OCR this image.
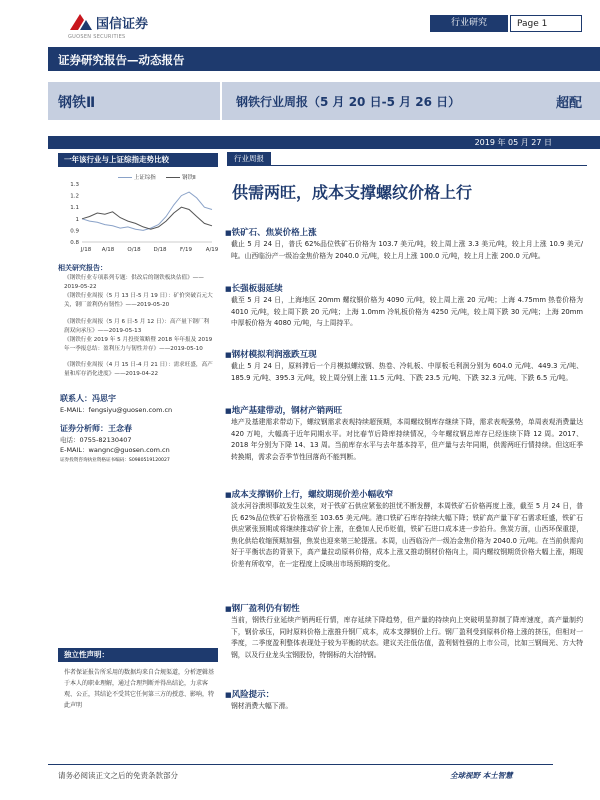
国信证券
GUOSEN SECURITIES
行业研究	Page 1
证券研究报告—动态报告
钢铁Ⅱ	钢铁行业周报（5 月 20 日-5 月 26 日）	超配
2019 年 05 月 27 日
一年该行业与上证综指走势比较
上证综指	钢铁Ⅱ
1.3
1.2
1.1
1
0.9
0.8
J/18 A/18 O/18 D/18 F/19 A/19
相关研究报告：
《钢铁行业专项系列专题：供改后的钢铁板块估值》——2019-05-22
《钢铁行业周报（5 月 13 日-5 月 19 日）：矿价突破百元大关，钢厂盈利仍有韧性》——2019-05-20
《钢铁行业周报（5 月 6 日-5 月 12 日）：高产量下钢厂利润双向承压》——2019-05-13
《钢铁行业 2019 年 5 月投资策略暨 2018 年年报及 2019 年一季报总结：盈利压力与韧性并存》——2019-05-10
《钢铁行业周报（4 月 15 日-4 月 21 日）：需求旺盛，高产量和库存消化进度》——2019-04-22
联系人：冯思宇
E-MAIL：fengsiyu@guosen.com.cn
证券分析师：王念春
电话：0755-82130407
E-MAIL：wangnc@guosen.com.cn
证券投资咨询执业资格证书编码：S0980519120027
独立性声明：
作者保证报告所采用的数据均来自合规渠道，分析逻辑基于本人的职业理解，通过合理判断并得出结论，力求客观、公正，其结论不受其它任何第三方的授意、影响，特此声明
行业周报
供需两旺，成本支撑螺纹价格上行
■ 铁矿石、焦炭价格上涨
截止 5 月 24 日，普氏 62%品位铁矿石价格为 103.7 美元/吨，较上周上涨 3.3 美元/吨，较上月上涨 10.9 美元/吨。山西临汾产一级冶金焦价格为 2040.0 元/吨，较上月上涨 100.0 元/吨，较上月上涨 200.0 元/吨。
■ 长强板弱延续
截至 5 月 24 日，上海地区 20mm 螺纹钢价格为 4090 元/吨，较上周上涨 20 元/吨；上海 4.75mm 热卷价格为 4010 元/吨，较上周下跌 20 元/吨；上海 1.0mm 冷轧板价格为 4250 元/吨，较上周下跌 30 元/吨；上海 20mm 中厚板价格为 4080 元/吨，与上周持平。
■ 钢材模拟利润涨跌互现
截止 5 月 24 日，原料滞后一个月模拟螺纹钢、热卷、冷轧板、中厚板毛利润分别为 604.0 元/吨、449.3 元/吨、185.9 元/吨、395.3 元/吨，较上周分别上涨 11.5 元/吨、下跌 23.5 元/吨、下跌 32.3 元/吨、下跌 6.5 元/吨。
■ 地产基建带动，钢材产销两旺
地产及基建需求带动下，螺纹钢需求表观持续超预期，本周螺纹钢库存继续下降，需求表观强势，单周表观消费量达 420 万吨，大幅高于近年同期水平。对比春节后降库持续情况，今年螺纹钢总库存已经连续下降 12 周。2017、2018 年分别为下降 14、13 周。当前库存水平与去年基本持平，但产量与去年同期，供需两旺行情持续。但这旺季转换期，需求会否季节性回落尚不能判断。
■ 成本支撑钢价上行，螺纹期现价差小幅收窄
淡水河谷溃坝事故发生以来，对于铁矿石供应紧张的担忧不断发酵，本周铁矿石价格再度上涨，截至 5 月 24 日，普氏 62%品位铁矿石价格涨至 103.65 美元/吨。港口铁矿石库存持续大幅下降；铁矿高产量下矿石需求旺盛，铁矿石供应紧张预期或将继续推动矿价上涨，在叠加人民币贬值，铁矿石进口成本进一步抬升。焦炭方面，山西环保重提，焦化供给收缩预期加强，焦炭也迎来第三轮提涨。本周，山西临汾产一级冶金焦价格为 2040.0 元/吨。在当前供需向好于平衡状态的背景下，高产量拉动原料价格，成本上涨又推动钢材价格向上，周内螺纹钢期货价格大幅上涨，期现价差有所收窄，在一定程度上反映出市场预期的变化。
■ 钢厂盈利仍有韧性
当前，钢铁行业延续产销两旺行情，库存延续下降趋势，但产量的持续向上突破明显抑制了降库速度，高产量制约下，钢价承压，同时原料价格上涨推升钢厂成本，成本支撑钢价上行。钢厂盈利受到原料价格上涨的挤压，但相对一季度，二季度盈利整体表现处于较为平衡的状态。建议关注低估值，盈利韧性强的上市公司，比如三钢闽光、方大特钢，以及行业龙头宝钢股份，特钢标的大冶特钢。
■ 风险提示：
钢材消费大幅下滑。
请务必阅读正文之后的免责条款部分	全球视野 本土智慧
